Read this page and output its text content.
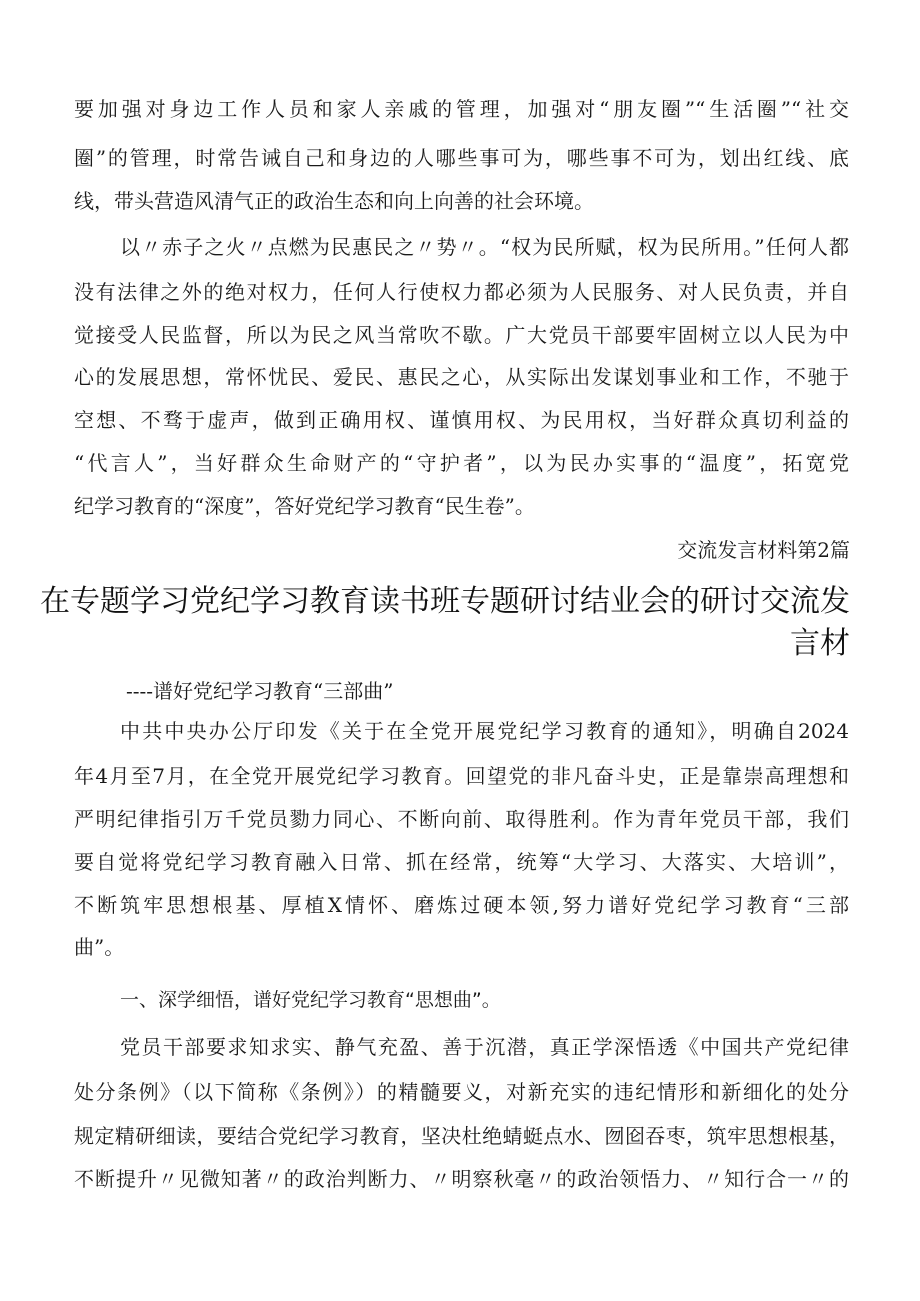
要加强对身边工作人员和家人亲戚的管理，加强对“朋友圈”“生活圈”“社交
圈”的管理，时常告诫自己和身边的人哪些事可为，哪些事不可为，划出红线、底
线，带头营造风清气正的政治生态和向上向善的社会环境。
以〃赤子之火〃点燃为民惠民之〃势〃。“权为民所赋，权为民所用。”任何人都
没有法律之外的绝对权力，任何人行使权力都必须为人民服务、对人民负责，并自
觉接受人民监督，所以为民之风当常吹不歇。广大党员干部要牢固树立以人民为中
心的发展思想，常怀忧民、爱民、惠民之心，从实际出发谋划事业和工作，不驰于
空想、不骛于虚声，做到正确用权、谨慎用权、为民用权，当好群众真切利益的
“代言人”，当好群众生命财产的“守护者”，以为民办实事的“温度”，拓宽党
纪学习教育的“深度”，答好党纪学习教育“民生卷”。
交流发言材料第2篇
在专题学习党纪学习教育读书班专题研讨结业会的研讨交流发
言材
----谱好党纪学习教育“三部曲”
中共中央办公厅印发《关于在全党开展党纪学习教育的通知》，明确自2024
年4月至7月，在全党开展党纪学习教育。回望党的非凡奋斗史，正是靠崇高理想和
严明纪律指引万千党员勠力同心、不断向前、取得胜利。作为青年党员干部，我们
要自觉将党纪学习教育融入日常、抓在经常，统筹“大学习、大落实、大培训”，
不断筑牢思想根基、厚植X情怀、磨炼过硬本领,努力谱好党纪学习教育“三部
曲”。
一、深学细悟，谱好党纪学习教育“思想曲”。
党员干部要求知求实、静气充盈、善于沉潜，真正学深悟透《中国共产党纪律
处分条例》（以下简称《条例》）的精髓要义，对新充实的违纪情形和新细化的处分
规定精研细读，要结合党纪学习教育，坚决杜绝蜻蜓点水、囫囵吞枣，筑牢思想根基，
不断提升〃见微知著〃的政治判断力、〃明察秋毫〃的政治领悟力、〃知行合一〃的
